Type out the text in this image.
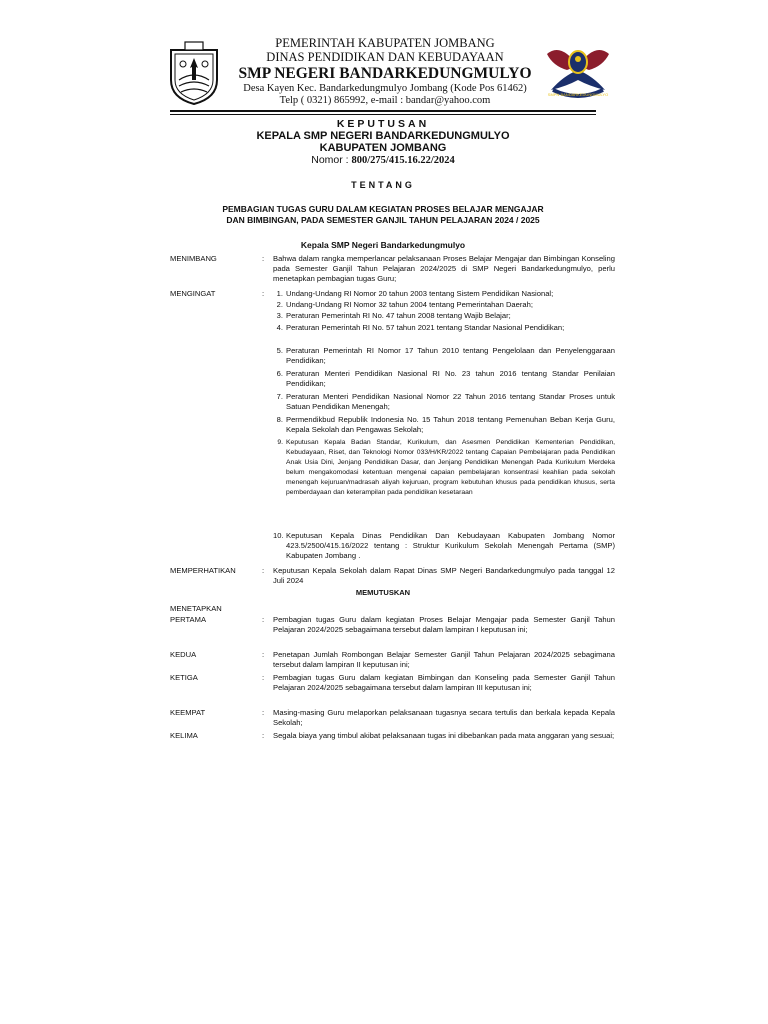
PEMERINTAH KABUPATEN JOMBANG
DINAS PENDIDIKAN DAN KEBUDAYAAN
SMP NEGERI BANDARKEDUNGMULYO
Desa Kayen Kec. Bandarkedungmulyo Jombang (Kode Pos 61462)
Telp ( 0321) 865992, e-mail : bandar@yahoo.com
SMPN BANDARKEDUNGMULYO
KEPUTUSAN
KEPALA SMP NEGERI BANDARKEDUNGMULYO
KABUPATEN JOMBANG
Nomor : 800/275/415.16.22/2024
TENTANG
PEMBAGIAN TUGAS GURU DALAM KEGIATAN PROSES BELAJAR MENGAJAR
DAN BIMBINGAN, PADA SEMESTER GANJIL TAHUN PELAJARAN 2024 / 2025
Kepala SMP Negeri Bandarkedungmulyo
MENIMBANG	: Bahwa dalam rangka memperlancar pelaksanaan Proses Belajar Mengajar dan Bimbingan Konseling pada Semester Ganjil Tahun Pelajaran 2024/2025 di SMP Negeri Bandarkedungmulyo, perlu menetapkan pembagian tugas Guru;
MENGINGAT	:	1. Undang-Undang RI Nomor 20 tahun 2003 tentang Sistem Pendidikan Nasional;
2. Undang-Undang RI Nomor 32 tahun 2004 tentang Pemerintahan Daerah;
3. Peraturan Pemerintah RI No. 47 tahun 2008 tentang Wajib Belajar;
4. Peraturan Pemerintah RI No. 57 tahun 2021 tentang Standar Nasional Pendidikan;
5. Peraturan Pemerintah RI Nomor 17 Tahun 2010 tentang Pengelolaan dan Penyelenggaraan Pendidikan;
6. Peraturan Menteri Pendidikan Nasional RI No. 23 tahun 2016 tentang Standar Penilaian Pendidikan;
7. Peraturan Menteri Pendidikan Nasional Nomor 22 Tahun 2016 tentang Standar Proses untuk Satuan Pendidikan Menengah;
8. Permendikbud Republik Indonesia No. 15 Tahun 2018 tentang Pemenuhan Beban Kerja Guru, Kepala Sekolah dan Pengawas Sekolah;
9. Keputusan Kepala Badan Standar, Kurikulum, dan Asesmen Pendidikan Kementerian Pendidikan, Kebudayaan, Riset, dan Teknologi Nomor 033/H/KR/2022 tentang Capaian Pembelajaran pada Pendidikan Anak Usia Dini, Jenjang Pendidikan Dasar, dan Jenjang Pendidikan Menengah Pada Kurikulum Merdeka belum mengakomodasi ketentuan mengenai capaian pembelajaran konsentrasi keahlian pada sekolah menengah kejuruan/madrasah aliyah kejuruan, program kebutuhan khusus pada pendidikan khusus, serta pemberdayaan dan keterampilan pada pendidikan kesetaraan
10. Keputusan Kepala Dinas Pendidikan Dan Kebudayaan Kabupaten Jombang Nomor 423.5/2500/415.16/2022 tentang : Struktur Kurikulum Sekolah Menengah Pertama (SMP) Kabupaten Jombang .
MEMPERHATIKAN	: Keputusan Kepala Sekolah dalam Rapat Dinas SMP Negeri Bandarkedungmulyo pada tanggal 12 Juli 2024
MEMUTUSKAN
MENETAPKAN
PERTAMA	: Pembagian tugas Guru dalam kegiatan Proses Belajar Mengajar pada Semester Ganjil Tahun Pelajaran 2024/2025 sebagaimana tersebut dalam lampiran I keputusan ini;
KEDUA	: Penetapan Jumlah Rombongan Belajar Semester Ganjil Tahun Pelajaran 2024/2025 sebagimana tersebut dalam lampiran II keputusan ini;
KETIGA	: Pembagian tugas Guru dalam kegiatan Bimbingan dan Konseling pada Semester Ganjil Tahun Pelajaran 2024/2025 sebagaimana tersebut dalam lampiran III keputusan ini;
KEEMPAT	: Masing-masing Guru melaporkan pelaksanaan tugasnya secara tertulis dan berkala kepada Kepala Sekolah;
KELIMA	: Segala biaya yang timbul akibat pelaksanaan tugas ini dibebankan pada mata anggaran yang sesuai;
